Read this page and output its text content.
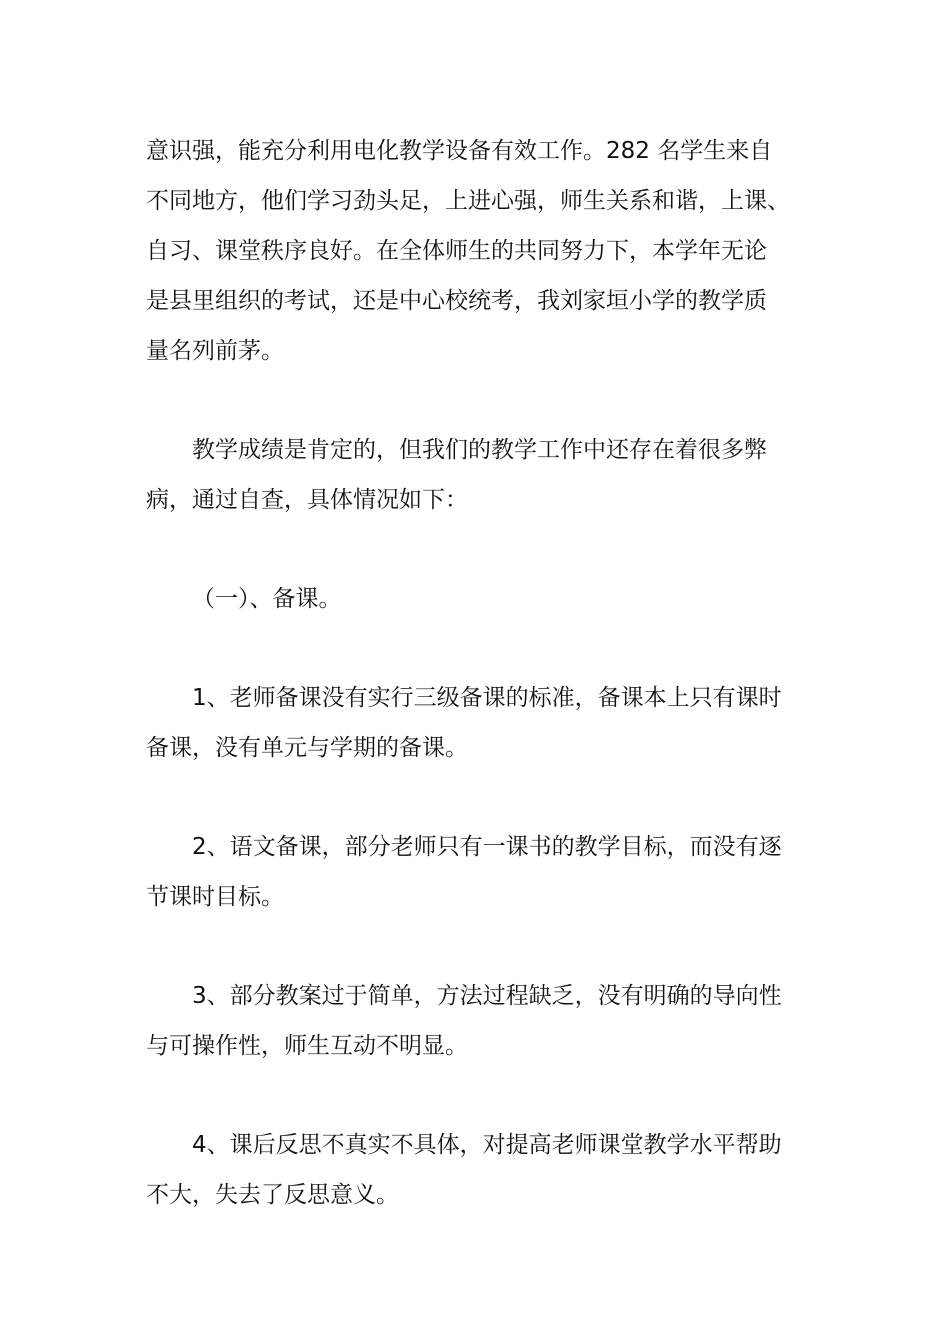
意识强，能充分利用电化教学设备有效工作。282 名学生来自
不同地方，他们学习劲头足，上进心强，师生关系和谐，上课、
自习、课堂秩序良好。在全体师生的共同努力下，本学年无论
是县里组织的考试，还是中心校统考，我刘家垣小学的教学质
量名列前茅。
教学成绩是肯定的，但我们的教学工作中还存在着很多弊
病，通过自查，具体情况如下：
（一）、备课。
1、老师备课没有实行三级备课的标准，备课本上只有课时
备课，没有单元与学期的备课。
2、语文备课，部分老师只有一课书的教学目标，而没有逐
节课时目标。
3、部分教案过于简单，方法过程缺乏，没有明确的导向性
与可操作性，师生互动不明显。
4、课后反思不真实不具体，对提高老师课堂教学水平帮助
不大，失去了反思意义。
